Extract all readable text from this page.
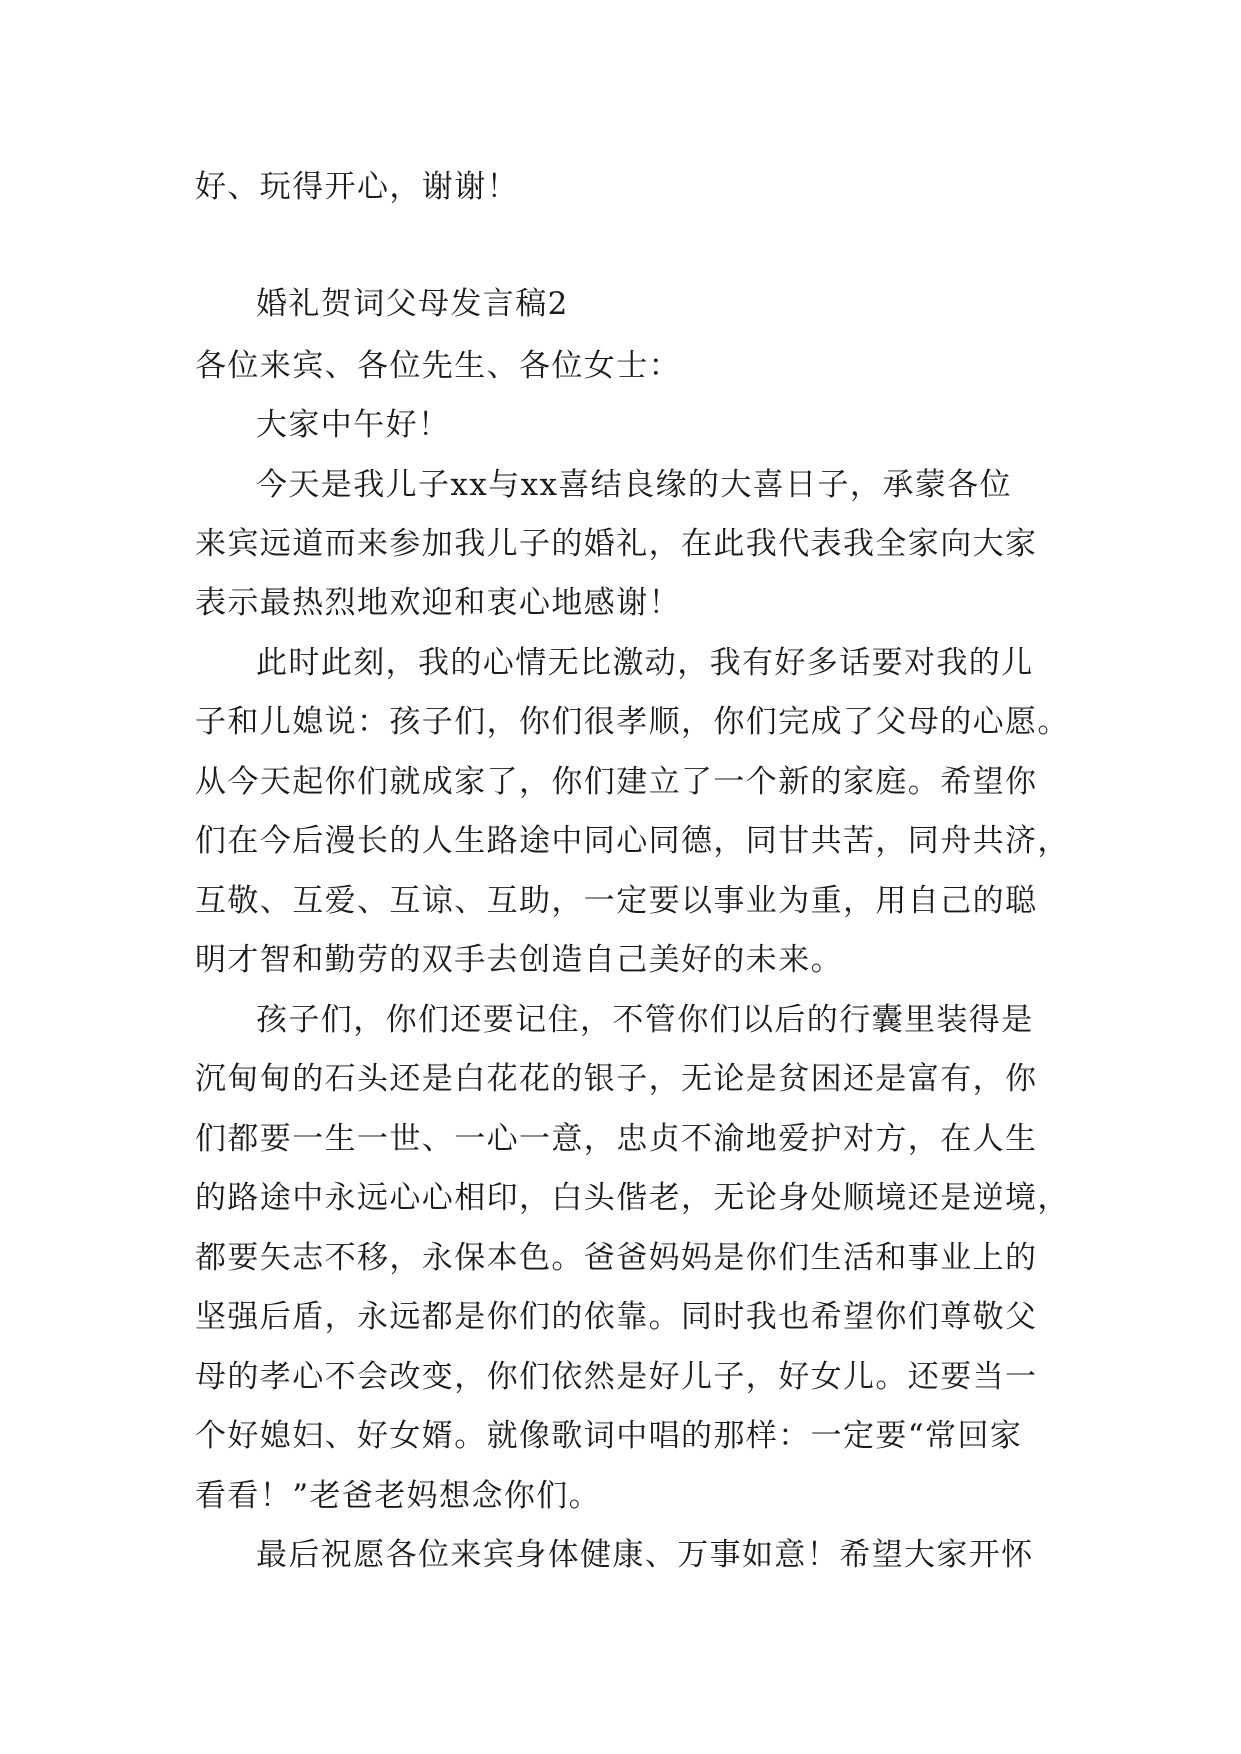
好、玩得开心，谢谢！
婚礼贺词父母发言稿2
各位来宾、各位先生、各位女士：
大家中午好！
今天是我儿子xx与xx喜结良缘的大喜日子，承蒙各位
来宾远道而来参加我儿子的婚礼，在此我代表我全家向大家
表示最热烈地欢迎和衷心地感谢！
此时此刻，我的心情无比激动，我有好多话要对我的儿
子和儿媳说：孩子们，你们很孝顺，你们完成了父母的心愿。
从今天起你们就成家了，你们建立了一个新的家庭。希望你
们在今后漫长的人生路途中同心同德，同甘共苦，同舟共济，
互敬、互爱、互谅、互助，一定要以事业为重，用自己的聪
明才智和勤劳的双手去创造自己美好的未来。
孩子们，你们还要记住，不管你们以后的行囊里装得是
沉甸甸的石头还是白花花的银子，无论是贫困还是富有，你
们都要一生一世、一心一意，忠贞不渝地爱护对方，在人生
的路途中永远心心相印，白头偕老，无论身处顺境还是逆境，
都要矢志不移，永保本色。爸爸妈妈是你们生活和事业上的
坚强后盾，永远都是你们的依靠。同时我也希望你们尊敬父
母的孝心不会改变，你们依然是好儿子，好女儿。还要当一
个好媳妇、好女婿。就像歌词中唱的那样：一定要“常回家
看看！”老爸老妈想念你们。
最后祝愿各位来宾身体健康、万事如意！希望大家开怀
